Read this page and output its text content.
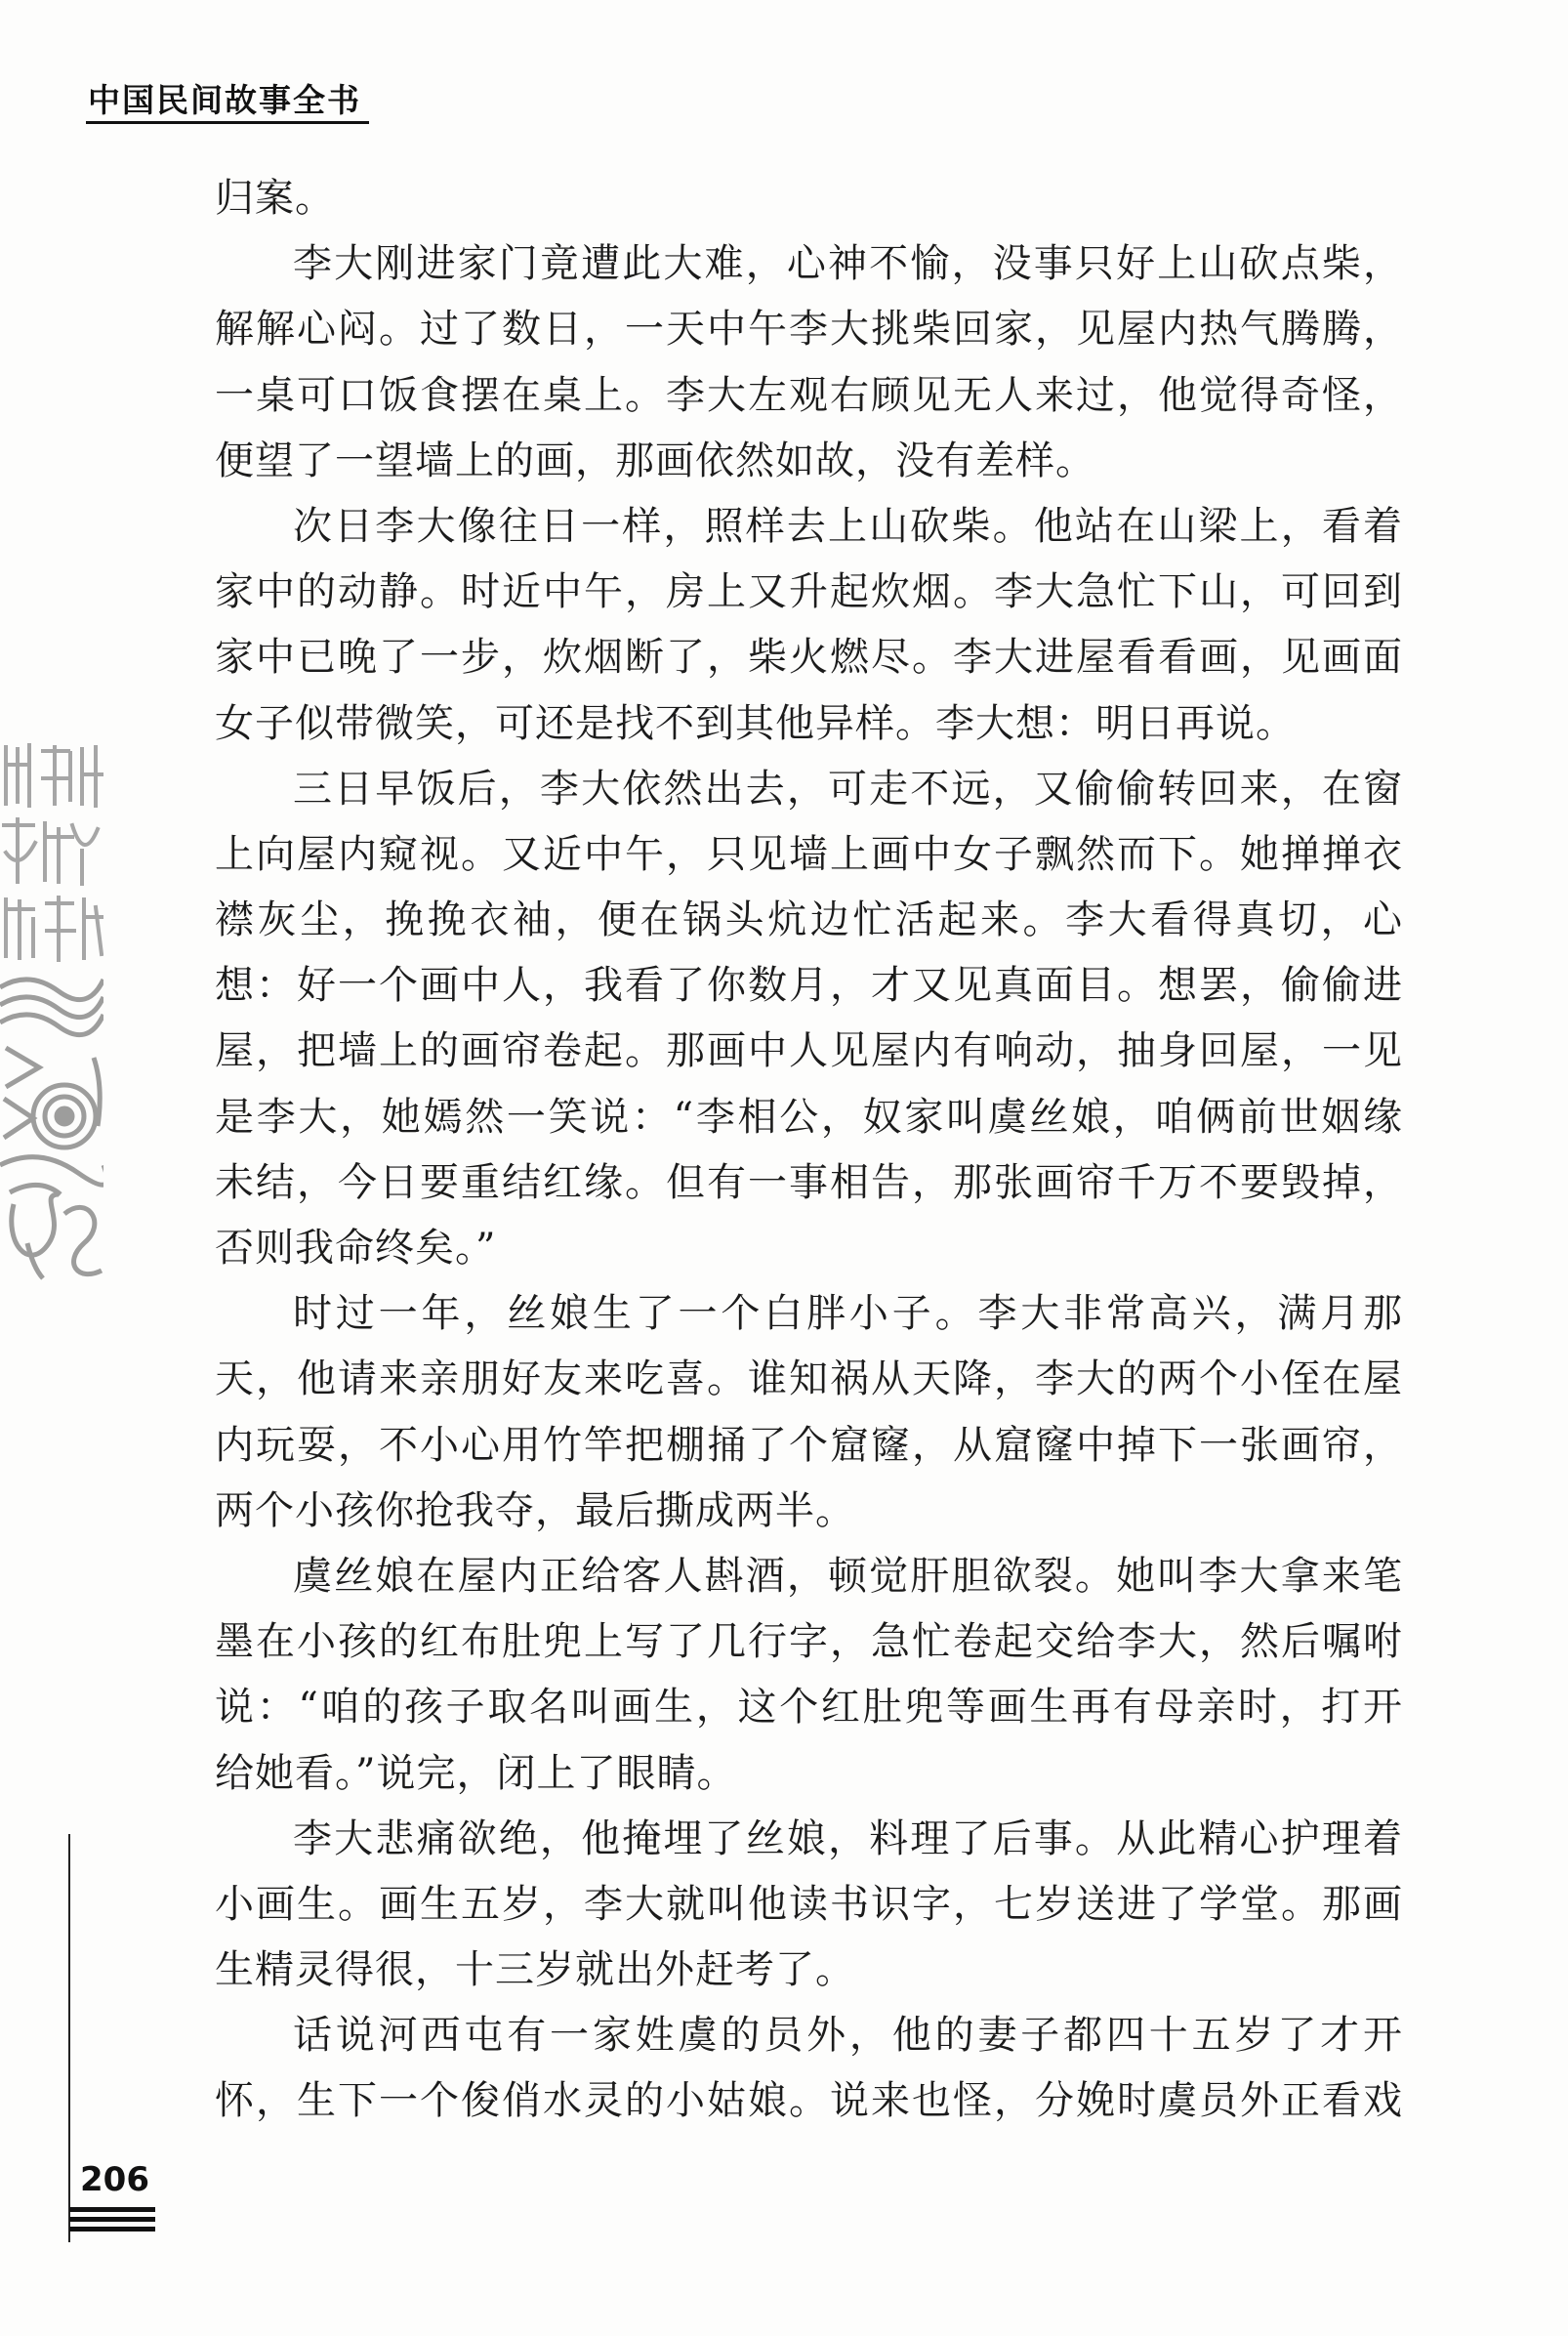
中国民间故事全书
归案。
李大刚进家门竟遭此大难，心神不愉，没事只好上山砍点柴，
解解心闷。过了数日，一天中午李大挑柴回家，见屋内热气腾腾，
一桌可口饭食摆在桌上。李大左观右顾见无人来过，他觉得奇怪，
便望了一望墙上的画，那画依然如故，没有差样。
次日李大像往日一样，照样去上山砍柴。他站在山梁上，看着
家中的动静。时近中午，房上又升起炊烟。李大急忙下山，可回到
家中已晚了一步，炊烟断了，柴火燃尽。李大进屋看看画，见画面
女子似带微笑，可还是找不到其他异样。李大想：明日再说。
三日早饭后，李大依然出去，可走不远，又偷偷转回来，在窗
上向屋内窥视。又近中午，只见墙上画中女子飘然而下。她掸掸衣
襟灰尘，挽挽衣袖，便在锅头炕边忙活起来。李大看得真切，心
想：好一个画中人，我看了你数月，才又见真面目。想罢，偷偷进
屋，把墙上的画帘卷起。那画中人见屋内有响动，抽身回屋，一见
是李大，她嫣然一笑说：“李相公，奴家叫虞丝娘，咱俩前世姻缘
未结，今日要重结红缘。但有一事相告，那张画帘千万不要毁掉，
否则我命终矣。”
时过一年，丝娘生了一个白胖小子。李大非常高兴，满月那
天，他请来亲朋好友来吃喜。谁知祸从天降，李大的两个小侄在屋
内玩耍，不小心用竹竿把棚捅了个窟窿，从窟窿中掉下一张画帘，
两个小孩你抢我夺，最后撕成两半。
虞丝娘在屋内正给客人斟酒，顿觉肝胆欲裂。她叫李大拿来笔
墨在小孩的红布肚兜上写了几行字，急忙卷起交给李大，然后嘱咐
说：“咱的孩子取名叫画生，这个红肚兜等画生再有母亲时，打开
给她看。”说完，闭上了眼睛。
李大悲痛欲绝，他掩埋了丝娘，料理了后事。从此精心护理着
小画生。画生五岁，李大就叫他读书识字，七岁送进了学堂。那画
生精灵得很，十三岁就出外赶考了。
话说河西屯有一家姓虞的员外，他的妻子都四十五岁了才开
怀，生下一个俊俏水灵的小姑娘。说来也怪，分娩时虞员外正看戏
206
